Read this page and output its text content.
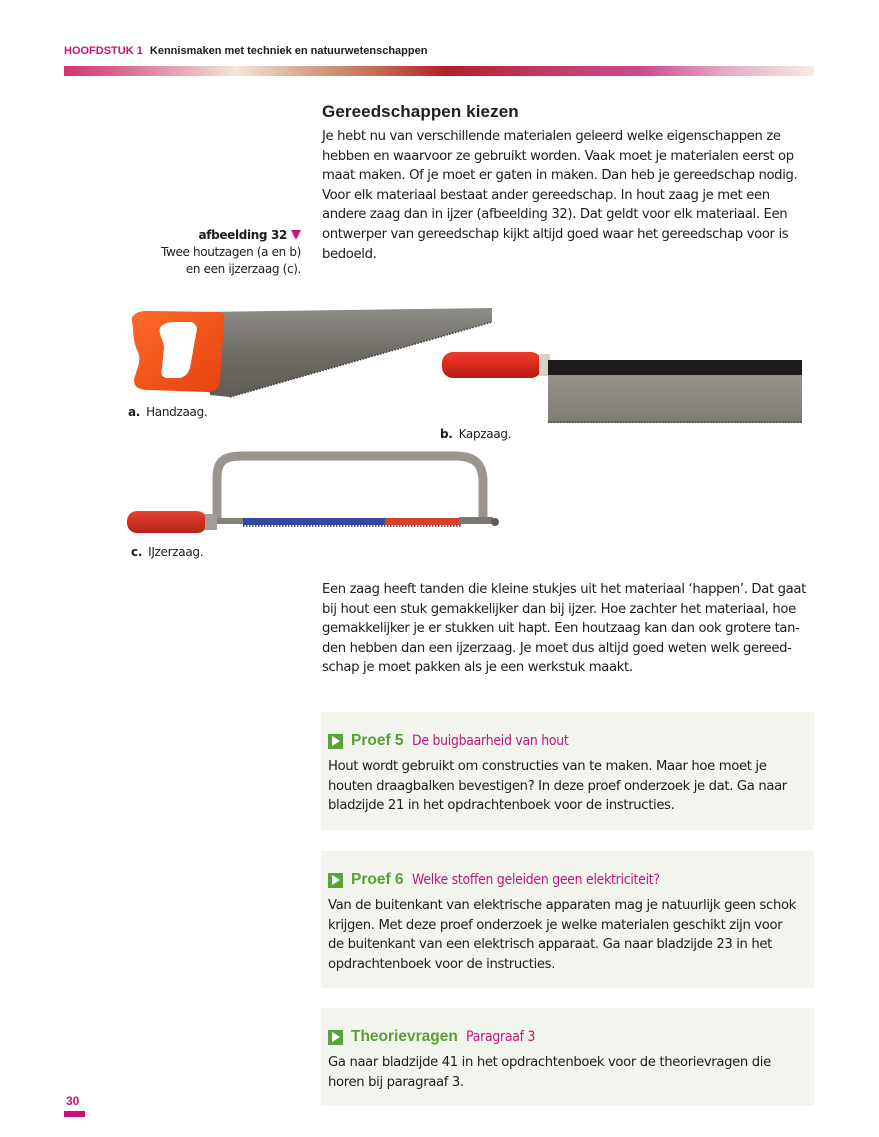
HOOFDSTUK 1 Kennismaken met techniek en natuurwetenschappen
Gereedschappen kiezen
Je hebt nu van verschillende materialen geleerd welke eigenschappen ze
hebben en waarvoor ze gebruikt worden. Vaak moet je materialen eerst op
maat maken. Of je moet er gaten in maken. Dan heb je gereedschap nodig.
Voor elk materiaal bestaat ander gereedschap. In hout zaag je met een
andere zaag dan in ijzer (afbeelding 32). Dat geldt voor elk materiaal. Een
ontwerper van gereedschap kijkt altijd goed waar het gereedschap voor is
bedoeld.
afbeelding 32
Twee houtzagen (a en b)
en een ijzerzaag (c).
a. Handzaag.
b. Kapzaag.
c. IJzerzaag.
Een zaag heeft tanden die kleine stukjes uit het materiaal ‘happen’. Dat gaat
bij hout een stuk gemakkelijker dan bij ijzer. Hoe zachter het materiaal, hoe
gemakkelijker je er stukken uit hapt. Een houtzaag kan dan ook grotere tan-
den hebben dan een ijzerzaag. Je moet dus altijd goed weten welk gereed-
schap je moet pakken als je een werkstuk maakt.
Proef 5 De buigbaarheid van hout
Hout wordt gebruikt om constructies van te maken. Maar hoe moet je
houten draagbalken bevestigen? In deze proef onderzoek je dat. Ga naar
bladzijde 21 in het opdrachtenboek voor de instructies.
Proef 6 Welke stoffen geleiden geen elektriciteit?
Van de buitenkant van elektrische apparaten mag je natuurlijk geen schok
krijgen. Met deze proef onderzoek je welke materialen geschikt zijn voor
de buitenkant van een elektrisch apparaat. Ga naar bladzijde 23 in het
opdrachtenboek voor de instructies.
Theorievragen Paragraaf 3
Ga naar bladzijde 41 in het opdrachtenboek voor de theorievragen die
horen bij paragraaf 3.
30
